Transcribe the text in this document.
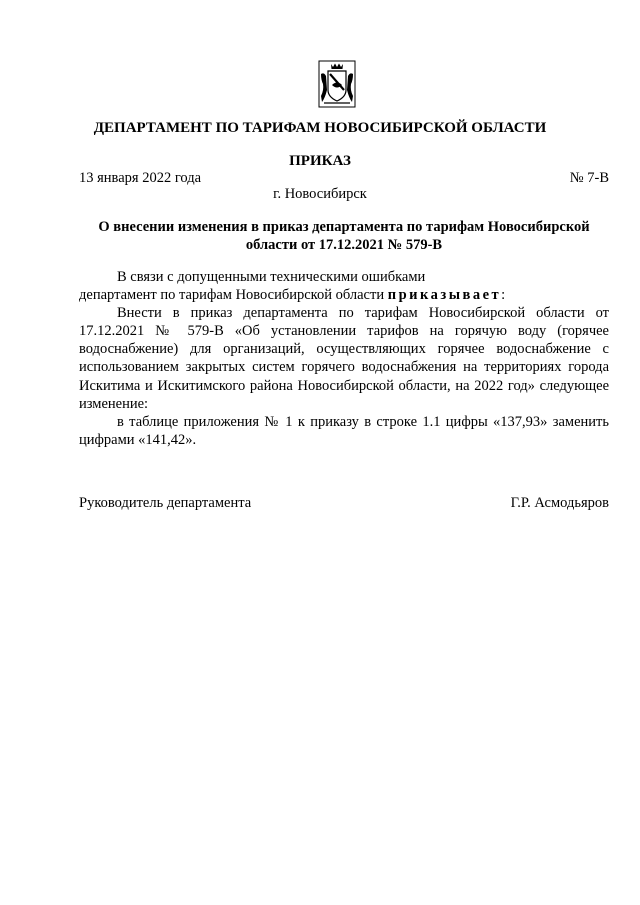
ДЕПАРТАМЕНТ ПО ТАРИФАМ НОВОСИБИРСКОЙ ОБЛАСТИ
ПРИКАЗ
13 января 2022 года	№ 7-В
г. Новосибирск
О внесении изменения в приказ департамента по тарифам Новосибирской области от 17.12.2021 № 579-В

В связи с допущенными техническими ошибками

департамент по тарифам Новосибирской области приказывает:

Внести в приказ департамента по тарифам Новосибирской области от 17.12.2021 № 579-В «Об установлении тарифов на горячую воду (горячее водоснабжение) для организаций, осуществляющих горячее водоснабжение с использованием закрытых систем горячего водоснабжения на территориях города Искитима и Искитимского района Новосибирской области, на 2022 год» следующее изменение:

в таблице приложения № 1 к приказу в строке 1.1 цифры «137,93» заменить цифрами «141,42».

Руководитель департамента	Г.Р. Асмодьяров
